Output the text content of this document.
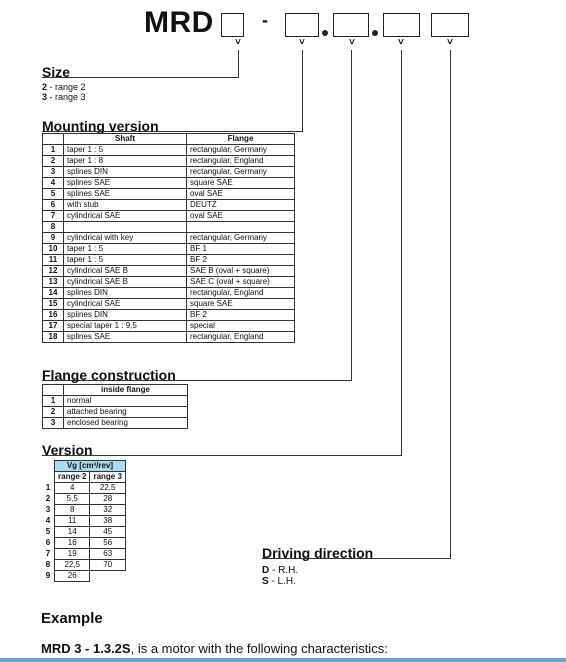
MRD	-
˅	˅	˅	˅	˅
Size
2 - range 2
3 - range 3
Mounting version
	Shaft	Flange
1	taper 1 : 5	rectangular, Germany
2	taper 1 : 8	rectangular, England
3	splines DIN	rectangular, Germany
4	splines SAE	square SAE
5	splines SAE	oval SAE
6	with stub	DEUTZ
7	cylindrical SAE	oval SAE
8		
9	cylindrical with key	rectangular, Germany
10	taper 1 : 5	BF 1
11	taper 1 : 5	BF 2
12	cylindrical SAE B	SAE B (oval + square)
13	cylindrical SAE B	SAE C (oval + square)
14	splines DIN	rectangular, England
15	cylindrical SAE	square SAE
16	splines DIN	BF 2
17	special taper 1 : 9,5	special
18	splines SAE	rectangular, England
Flange construction
	inside flange
1	normal
2	attached bearing
3	enclosed bearing
Version
	Vg [cm³/rev]	
	range 2	range 3
1	4	22,5
2	5,5	28
3	8	32
4	11	38
5	14	45
6	16	56
7	19	63
8	22,5	70
9	26	
Driving direction
D - R.H.
S - L.H.
Example
MRD 3 - 1.3.2S, is a motor with the following characteristics:
